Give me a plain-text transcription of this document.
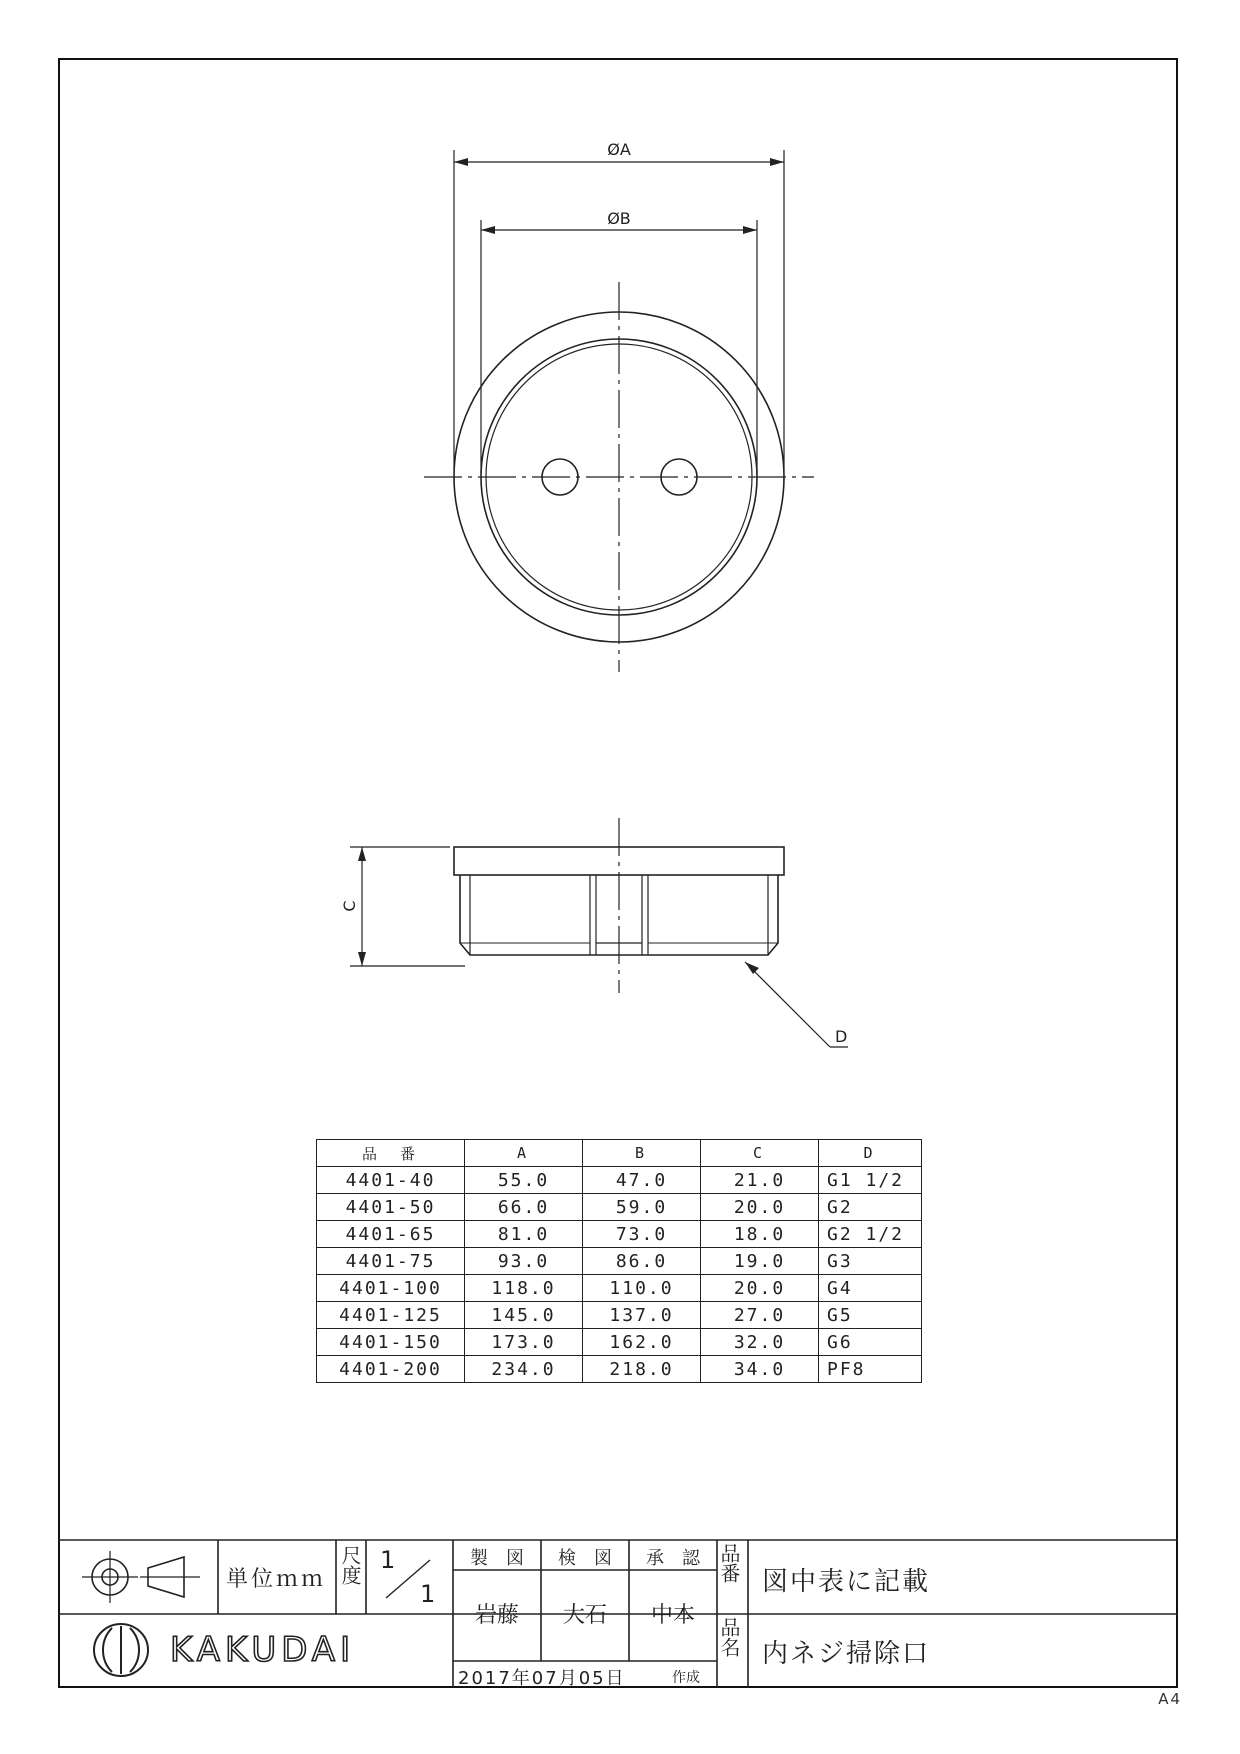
ØA
ØB
C
D
品　番	A	B	C	D
4401-40	55.0	47.0	21.0	G1 1/2
4401-50	66.0	59.0	20.0	G2
4401-65	81.0	73.0	18.0	G2 1/2
4401-75	93.0	86.0	19.0	G3
4401-100	118.0	110.0	20.0	G4
4401-125	145.0	137.0	27.0	G5
4401-150	173.0	162.0	32.0	G6
4401-200	234.0	218.0	34.0	PF8
単位ｍｍ 尺度 1
1
製　図	検　図	承　認
岩藤	大石	中本
品番 図中表に記載
品名 内ネジ掃除口
2017年07月05日	作成
KAKUDAI
A4
